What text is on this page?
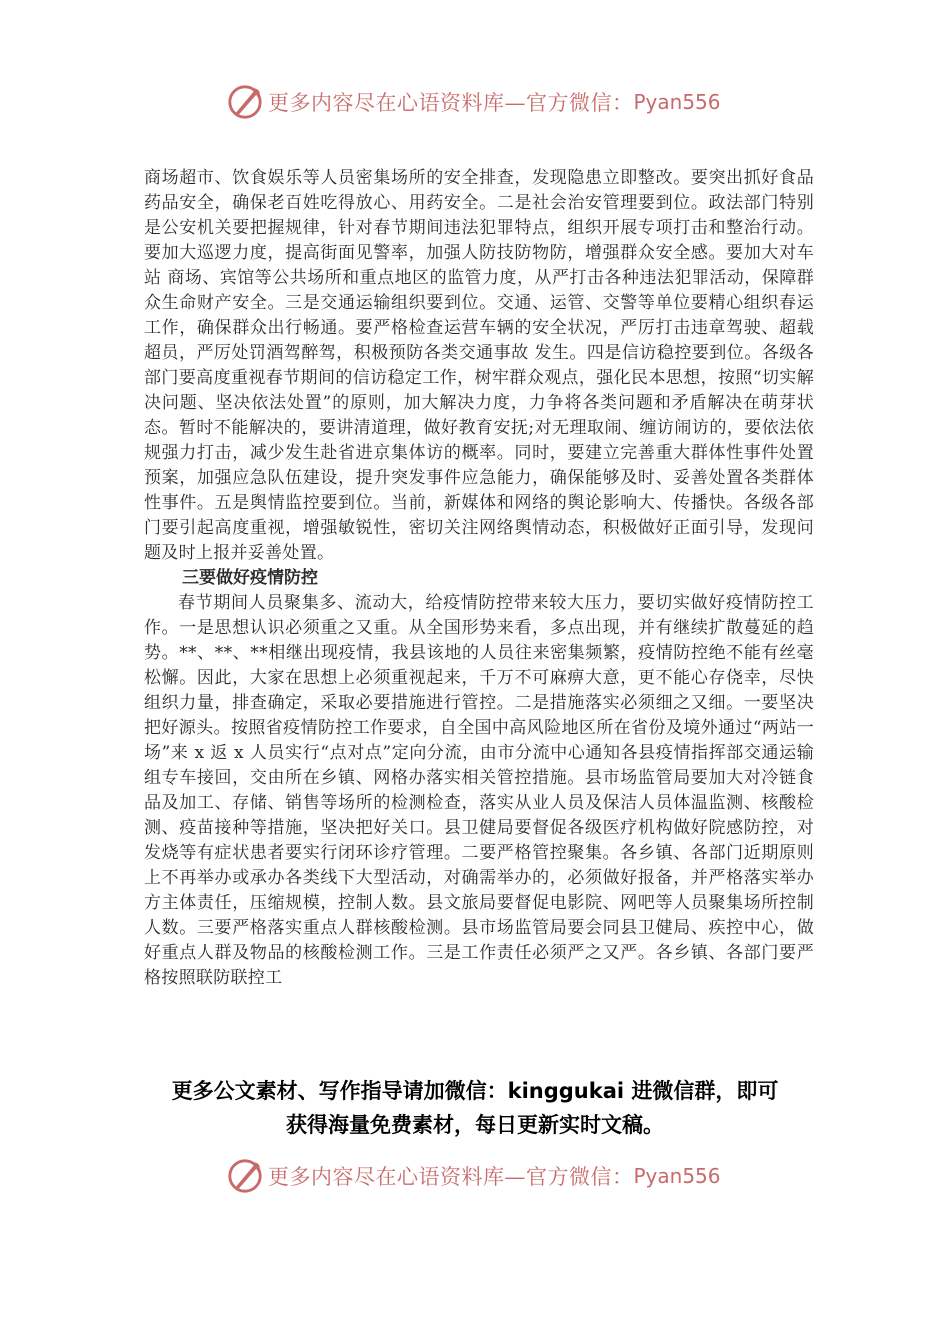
更多内容尽在心语资料库—官方微信： Pyan556

商场超市、饮食娱乐等人员密集场所的安全排查，发现隐患立即整改。要突出抓好食品药品安全，确保老百姓吃得放心、用药安全。二是社会治安管理要到位。政法部门特别是公安机关要把握规律，针对春节期间违法犯罪特点，组织开展专项打击和整治行动。要加大巡逻力度，提高街面见警率，加强人防技防物防，增强群众安全感。要加大对车站 商场、宾馆等公共场所和重点地区的监管力度，从严打击各种违法犯罪活动，保障群众生命财产安全。三是交通运输组织要到位。交通、运管、交警等单位要精心组织春运工作，确保群众出行畅通。要严格检查运营车辆的安全状况，严厉打击违章驾驶、超载超员，严厉处罚酒驾醉驾，积极预防各类交通事故 发生。四是信访稳控要到位。各级各部门要高度重视春节期间的信访稳定工作，树牢群众观点，强化民本思想，按照“切实解决问题、坚决依法处置”的原则，加大解决力度，力争将各类问题和矛盾解决在萌芽状态。暂时不能解决的，要讲清道理，做好教育安抚;对无理取闹、缠访闹访的，要依法依规强力打击，减少发生赴省进京集体访的概率。同时，要建立完善重大群体性事件处置预案，加强应急队伍建设，提升突发事件应急能力，确保能够及时、妥善处置各类群体性事件。五是舆情监控要到位。当前，新媒体和网络的舆论影响大、传播快。各级各部门要引起高度重视，增强敏锐性，密切关注网络舆情动态，积极做好正面引导，发现问题及时上报并妥善处置。

三要做好疫情防控

春节期间人员聚集多、流动大，给疫情防控带来较大压力，要切实做好疫情防控工作。一是思想认识必须重之又重。从全国形势来看，多点出现，并有继续扩散蔓延的趋势。**、**、**相继出现疫情，我县该地的人员往来密集频繁，疫情防控绝不能有丝毫松懈。因此，大家在思想上必须重视起来，千万不可麻痹大意，更不能心存侥幸，尽快组织力量，排查确定，采取必要措施进行管控。二是措施落实必须细之又细。一要坚决把好源头。按照省疫情防控工作要求，自全国中高风险地区所在省份及境外通过“两站一场”来 x 返 x 人员实行“点对点”定向分流，由市分流中心通知各县疫情指挥部交通运输组专车接回，交由所在乡镇、网格办落实相关管控措施。县市场监管局要加大对冷链食品及加工、存储、销售等场所的检测检查，落实从业人员及保洁人员体温监测、核酸检测、疫苗接种等措施，坚决把好关口。县卫健局要督促各级医疗机构做好院感防控，对发烧等有症状患者要实行闭环诊疗管理。二要严格管控聚集。各乡镇、各部门近期原则上不再举办或承办各类线下大型活动，对确需举办的，必须做好报备，并严格落实举办方主体责任，压缩规模，控制人数。县文旅局要督促电影院、网吧等人员聚集场所控制人数。三要严格落实重点人群核酸检测。县市场监管局要会同县卫健局、疾控中心，做好重点人群及物品的核酸检测工作。三是工作责任必须严之又严。各乡镇、各部门要严格按照联防联控工

更多公文素材、写作指导请加微信：kinggukai 进微信群，即可
获得海量免费素材，每日更新实时文稿。
更多内容尽在心语资料库—官方微信： Pyan556
